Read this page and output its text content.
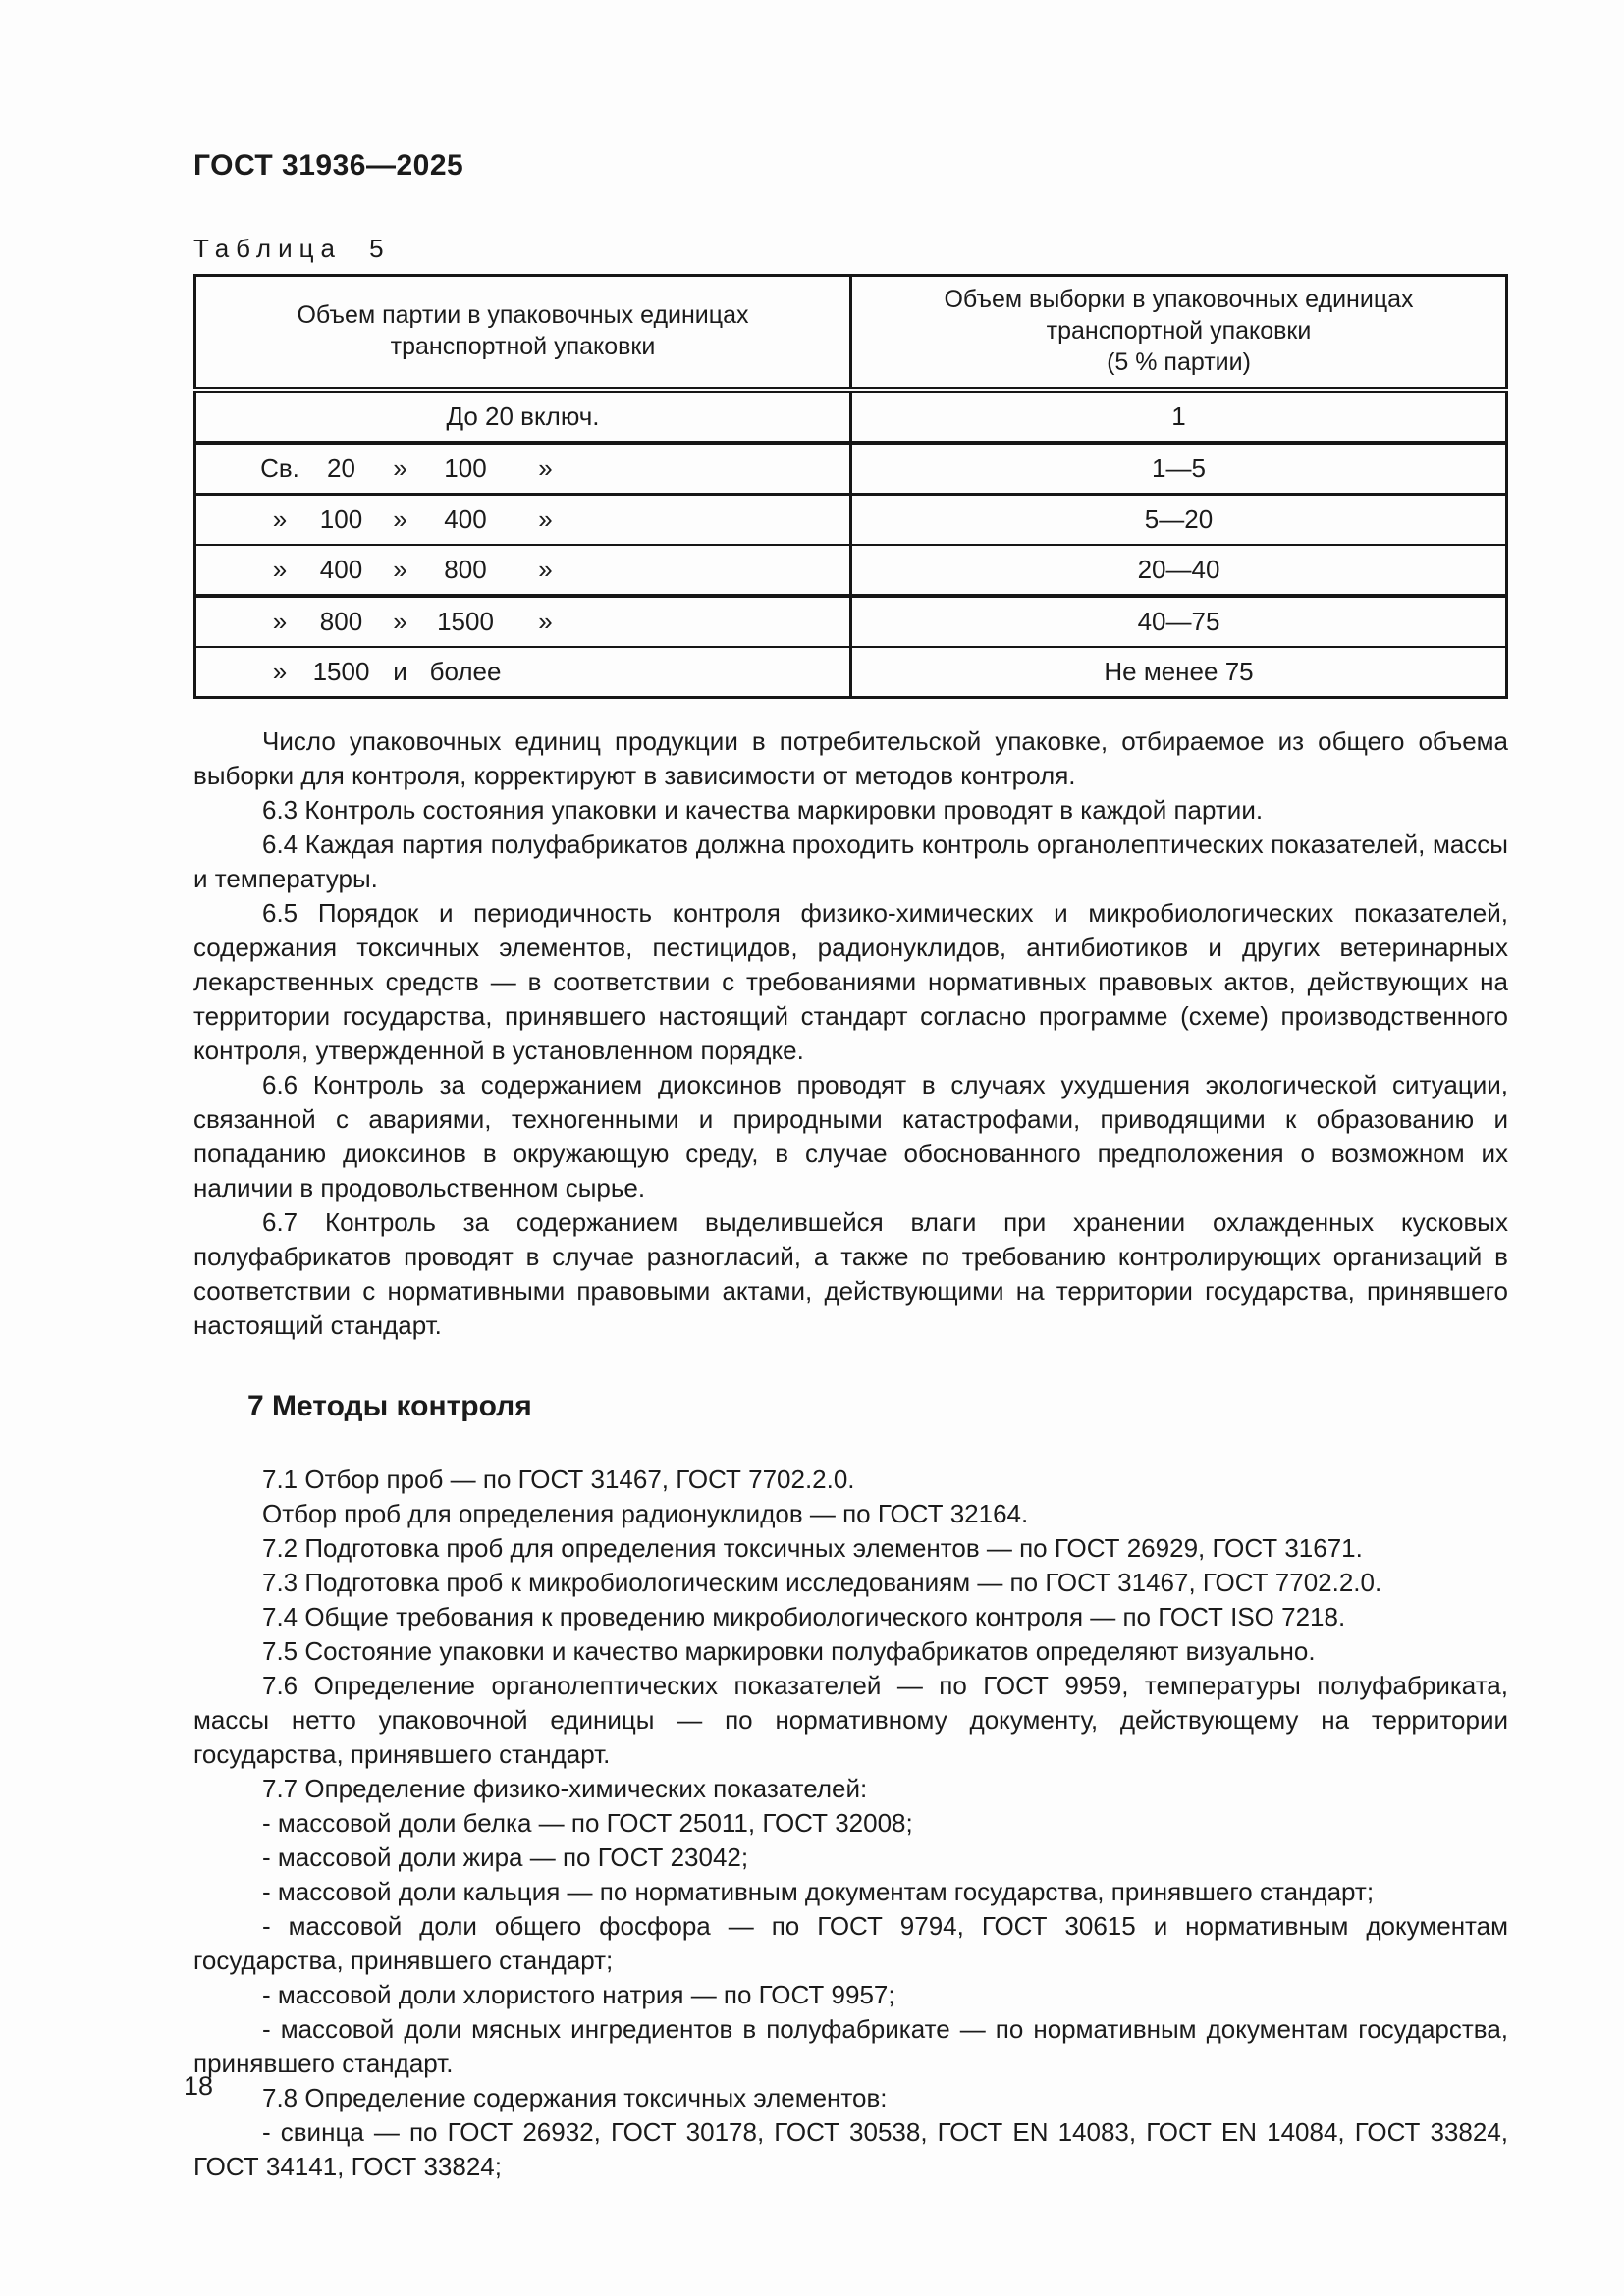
ГОСТ 31936—2025
Таблица 5
Объем партии в упаковочных единицах транспортной упаковки	Объем выборки в упаковочных единицах транспортной упаковки
(5 % партии)
До 20 включ.	1

Св. 20 » 100 »	1—5

» 100 » 400 »	5—20

» 400 » 800 »	20—40

» 800 » 1500 »	40—75

» 1500 и более	Не менее 75

Число упаковочных единиц продукции в потребительской упаковке, отбираемое из общего объема выборки для контроля, корректируют в зависимости от методов контроля.

6.3 Контроль состояния упаковки и качества маркировки проводят в каждой партии.

6.4 Каждая партия полуфабрикатов должна проходить контроль органолептических показателей, массы и температуры.

6.5 Порядок и периодичность контроля физико-химических и микробиологических показателей, содержания токсичных элементов, пестицидов, радионуклидов, антибиотиков и других ветеринарных лекарственных средств — в соответствии с требованиями нормативных правовых актов, действующих на территории государства, принявшего настоящий стандарт согласно программе (схеме) производственного контроля, утвержденной в установленном порядке.

6.6 Контроль за содержанием диоксинов проводят в случаях ухудшения экологической ситуации, связанной с авариями, техногенными и природными катастрофами, приводящими к образованию и попаданию диоксинов в окружающую среду, в случае обоснованного предположения о возможном их наличии в продовольственном сырье.

6.7 Контроль за содержанием выделившейся влаги при хранении охлажденных кусковых полуфабрикатов проводят в случае разногласий, а также по требованию контролирующих организаций в соответствии с нормативными правовыми актами, действующими на территории государства, принявшего настоящий стандарт.

7 Методы контроля

7.1 Отбор проб — по ГОСТ 31467, ГОСТ 7702.2.0.

Отбор проб для определения радионуклидов — по ГОСТ 32164.

7.2 Подготовка проб для определения токсичных элементов — по ГОСТ 26929, ГОСТ 31671.

7.3 Подготовка проб к микробиологическим исследованиям — по ГОСТ 31467, ГОСТ 7702.2.0.

7.4 Общие требования к проведению микробиологического контроля — по ГОСТ ISO 7218.

7.5 Состояние упаковки и качество маркировки полуфабрикатов определяют визуально.

7.6 Определение органолептических показателей — по ГОСТ 9959, температуры полуфабриката, массы нетто упаковочной единицы — по нормативному документу, действующему на территории государства, принявшего стандарт.

7.7 Определение физико-химических показателей:

- массовой доли белка — по ГОСТ 25011, ГОСТ 32008;

- массовой доли жира — по ГОСТ 23042;

- массовой доли кальция — по нормативным документам государства, принявшего стандарт;

- массовой доли общего фосфора — по ГОСТ 9794, ГОСТ 30615 и нормативным документам государства, принявшего стандарт;

- массовой доли хлористого натрия — по ГОСТ 9957;

- массовой доли мясных ингредиентов в полуфабрикате — по нормативным документам государства, принявшего стандарт.

7.8 Определение содержания токсичных элементов:

- свинца — по ГОСТ 26932, ГОСТ 30178, ГОСТ 30538, ГОСТ EN 14083, ГОСТ EN 14084, ГОСТ 33824, ГОСТ 34141, ГОСТ 33824;

18
